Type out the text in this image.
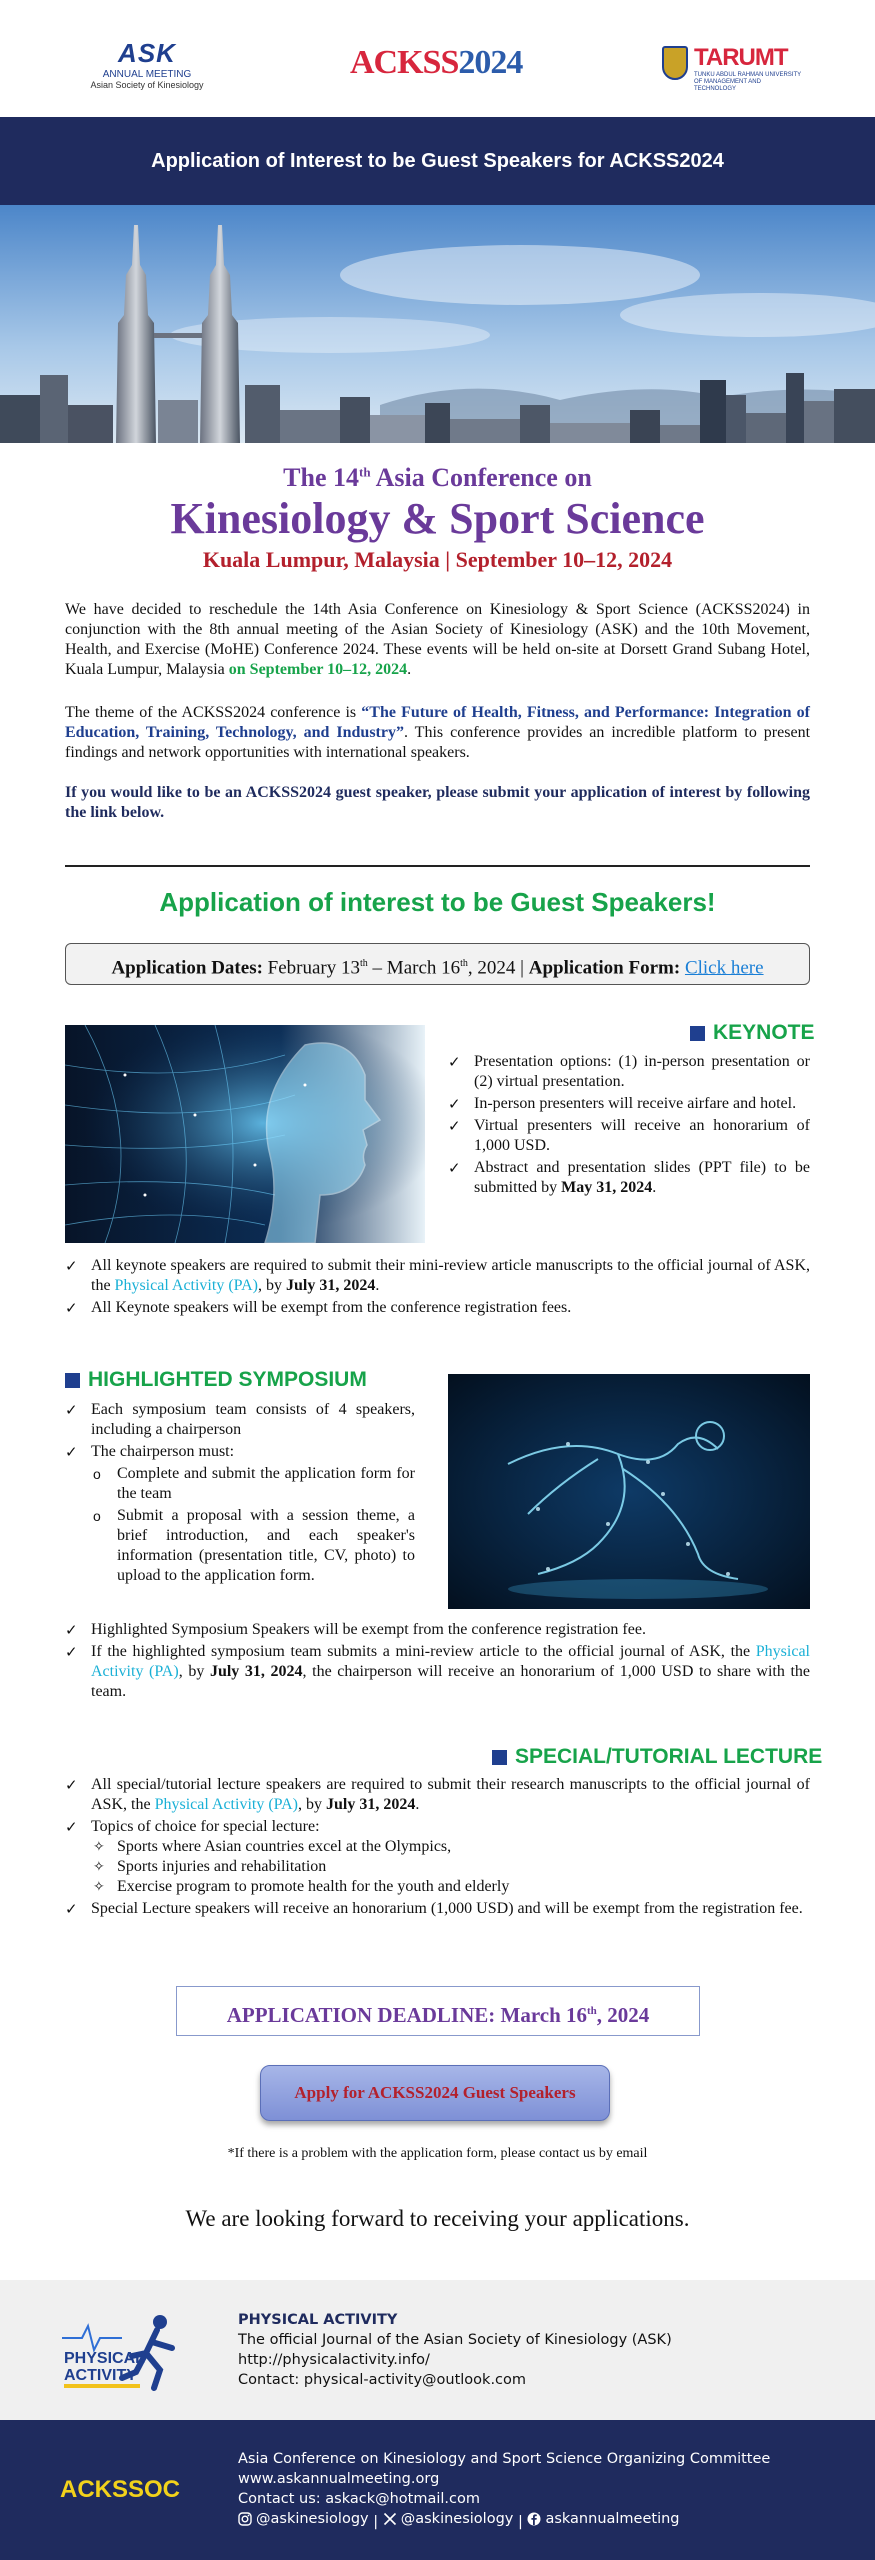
ASK
ANNUAL MEETING
Asian Society of Kinesiology
ACKSS2024	TARUMT
TUNKU ABDUL RAHMAN UNIVERSITY OF MANAGEMENT AND TECHNOLOGY
Application of Interest to be Guest Speakers for ACKSS2024
The 14th Asia Conference on
Kinesiology & Sport Science
Kuala Lumpur, Malaysia | September 10–12, 2024

We have decided to reschedule the 14th Asia Conference on Kinesiology & Sport Science (ACKSS2024) in conjunction with the 8th annual meeting of the Asian Society of Kinesiology (ASK) and the 10th Movement, Health, and Exercise (MoHE) Conference 2024. These events will be held on-site at Dorsett Grand Subang Hotel, Kuala Lumpur, Malaysia on September 10–12, 2024.

The theme of the ACKSS2024 conference is “The Future of Health, Fitness, and Performance: Integration of Education, Training, Technology, and Industry”. This conference provides an incredible platform to present findings and network opportunities with international speakers.

If you would like to be an ACKSS2024 guest speaker, please submit your application of interest by following the link below.

Application of interest to be Guest Speakers!
Application Dates: February 13th – March 16th, 2024 | Application Form: Click here
KEYNOTE
✓ Presentation options: (1) in-person presentation or (2) virtual presentation.
✓ In-person presenters will receive airfare and hotel.
✓ Virtual presenters will receive an honorarium of 1,000 USD.
✓ Abstract and presentation slides (PPT file) to be submitted by May 31, 2024.
✓ All keynote speakers are required to submit their mini-review article manuscripts to the official journal of ASK, the Physical Activity (PA), by July 31, 2024.
✓ All Keynote speakers will be exempt from the conference registration fees.
HIGHLIGHTED SYMPOSIUM
✓ Each symposium team consists of 4 speakers, including a chairperson
✓ The chairperson must:
o Complete and submit the application form for the team
o Submit a proposal with a session theme, a brief introduction, and each speaker's information (presentation title, CV, photo) to upload to the application form.
✓ Highlighted Symposium Speakers will be exempt from the conference registration fee.
✓ If the highlighted symposium team submits a mini-review article to the official journal of ASK, the Physical Activity (PA), by July 31, 2024, the chairperson will receive an honorarium of 1,000 USD to share with the team.
SPECIAL/TUTORIAL LECTURE
✓ All special/tutorial lecture speakers are required to submit their research manuscripts to the official journal of ASK, the Physical Activity (PA), by July 31, 2024.
✓ Topics of choice for special lecture:
✧ Sports where Asian countries excel at the Olympics,
✧ Sports injuries and rehabilitation
✧ Exercise program to promote health for the youth and elderly
✓ Special Lecture speakers will receive an honorarium (1,000 USD) and will be exempt from the registration fee.
APPLICATION DEADLINE: March 16th, 2024
Apply for ACKSS2024 Guest Speakers
*If there is a problem with the application form, please contact us by email
We are looking forward to receiving your applications.
PHYSICAL
ACTIVITY
PHYSICAL ACTIVITY
The official Journal of the Asian Society of Kinesiology (ASK)
http://physicalactivity.info/
Contact: physical-activity@outlook.com
ACKSSOC
Asia Conference on Kinesiology and Sport Science Organizing Committee
www.askannualmeeting.org
Contact us: askack@hotmail.com
@askinesiology | @askinesiology | askannualmeeting
